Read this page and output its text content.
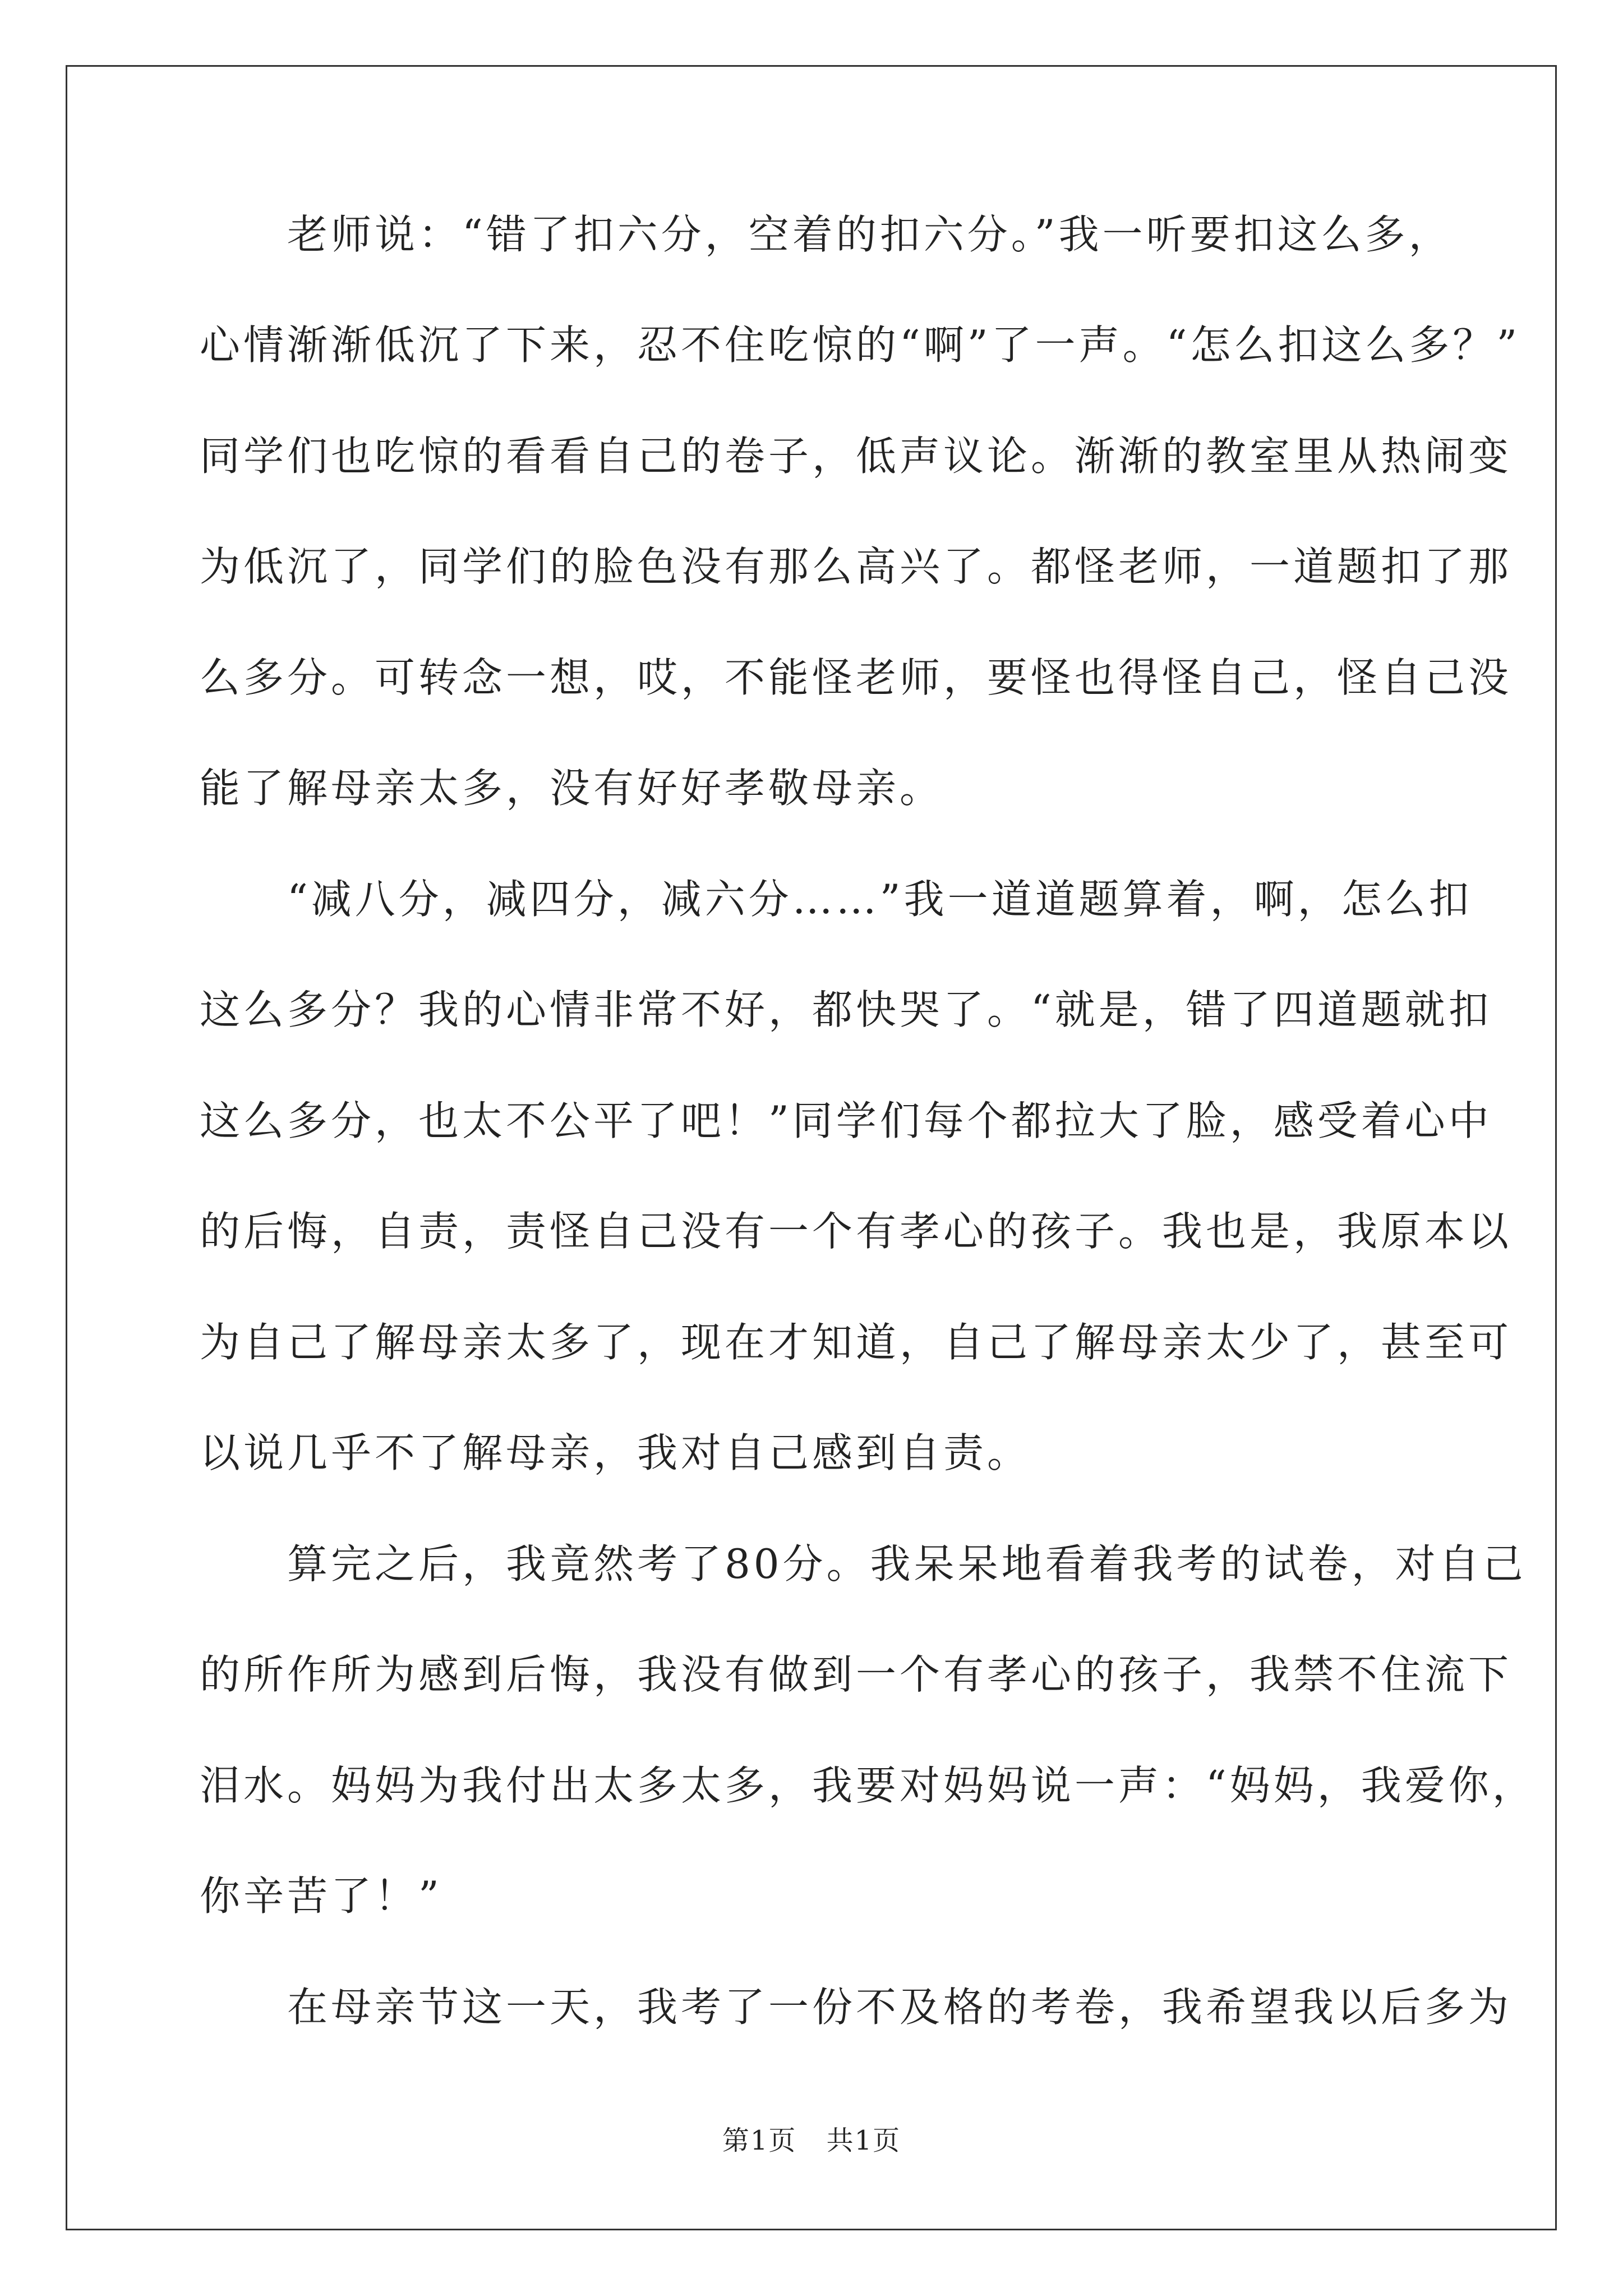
　　老师说：“错了扣六分，空着的扣六分。”我一听要扣这么多，
心情渐渐低沉了下来，忍不住吃惊的“啊”了一声。“怎么扣这么多？”
同学们也吃惊的看看自己的卷子，低声议论。渐渐的教室里从热闹变
为低沉了，同学们的脸色没有那么高兴了。都怪老师，一道题扣了那
么多分。可转念一想，哎，不能怪老师，要怪也得怪自己，怪自己没
能了解母亲太多，没有好好孝敬母亲。
　　“减八分，减四分，减六分……”我一道道题算着，啊，怎么扣
这么多分？我的心情非常不好，都快哭了。“就是，错了四道题就扣
这么多分，也太不公平了吧！”同学们每个都拉大了脸，感受着心中
的后悔，自责，责怪自己没有一个有孝心的孩子。我也是，我原本以
为自己了解母亲太多了，现在才知道，自己了解母亲太少了，甚至可
以说几乎不了解母亲，我对自己感到自责。
　　算完之后，我竟然考了80分。我呆呆地看着我考的试卷，对自己
的所作所为感到后悔，我没有做到一个有孝心的孩子，我禁不住流下
泪水。妈妈为我付出太多太多，我要对妈妈说一声：“妈妈，我爱你，
你辛苦了！”
　　在母亲节这一天，我考了一份不及格的考卷，我希望我以后多为
第1页 共1页
